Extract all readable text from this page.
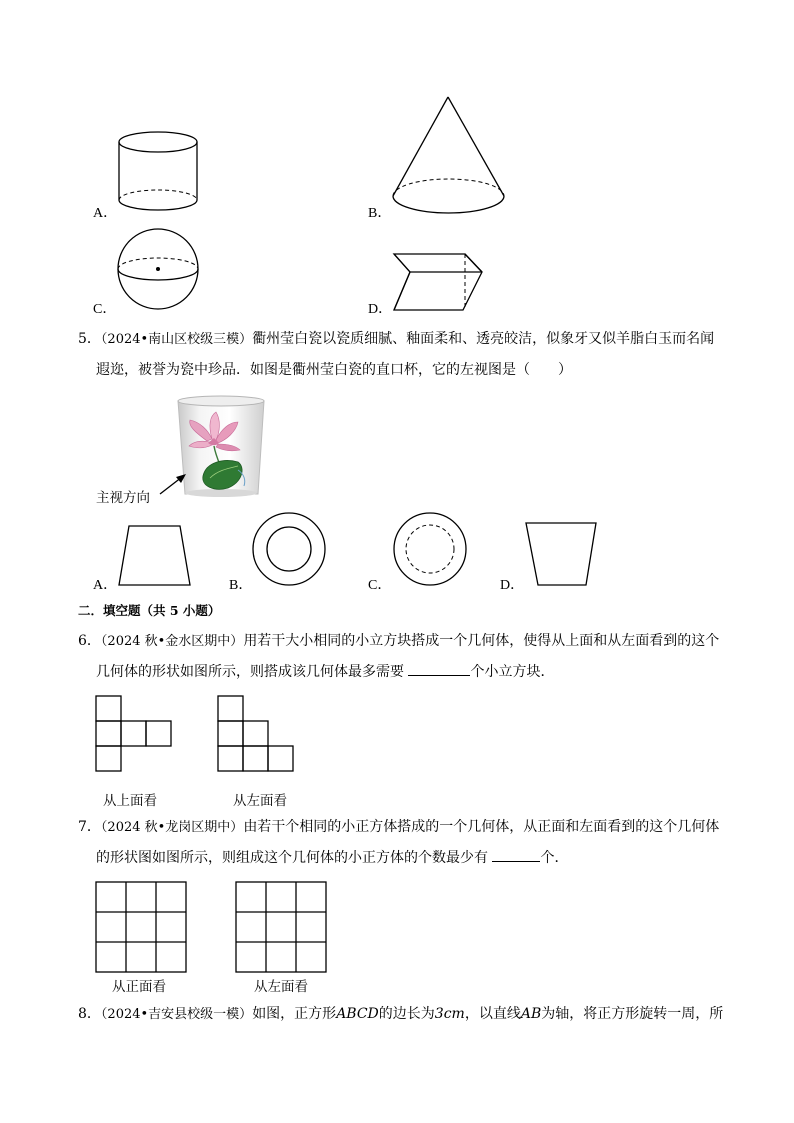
A．	B．
C．	D．
5．（2024•南山区校级三模）衢州莹白瓷以瓷质细腻、釉面柔和、透亮皎洁，似象牙又似羊脂白玉而名闻
遐迩，被誉为瓷中珍品．如图是衢州莹白瓷的直口杯，它的左视图是（　　）
主视方向
A．	B．	C．	D．
二．填空题（共 5 小题）
6．（2024 秋•金水区期中）用若干大小相同的小立方块搭成一个几何体，使得从上面和从左面看到的这个
几何体的形状如图所示，则搭成该几何体最多需要	个小立方块．
从上面看	从左面看
7．（2024 秋•龙岗区期中）由若干个相同的小正方体搭成的一个几何体，从正面和左面看到的这个几何体
的形状图如图所示，则组成这个几何体的小正方体的个数最少有	个．
从正面看	从左面看
8．（2024•吉安县校级一模）如图，正方形ABCD的边长为3cm，以直线AB为轴，将正方形旋转一周，所
